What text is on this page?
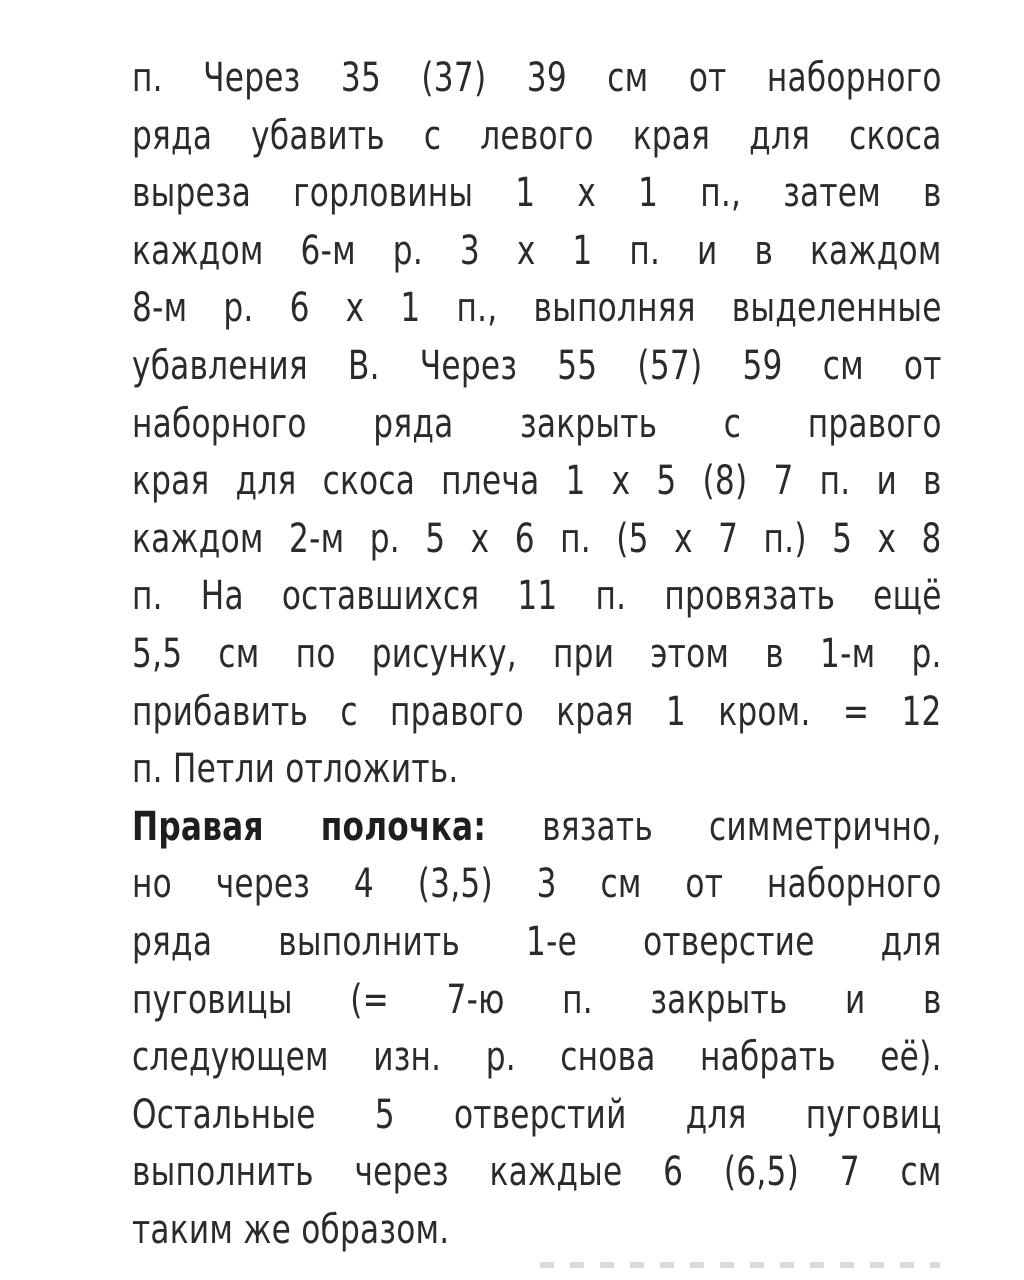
п. Через 35 (37) 39 см от наборного
ряда убавить с левого края для скоса
выреза горловины 1 х 1 п., затем в
каждом 6-м р. 3 х 1 п. и в каждом
8-м р. 6 х 1 п., выполняя выделенные
убавления В. Через 55 (57) 59 см от
наборного ряда закрыть с правого
края для скоса плеча 1 х 5 (8) 7 п. и в
каждом 2-м р. 5 х 6 п. (5 х 7 п.) 5 х 8
п. На оставшихся 11 п. провязать ещё
5,5 см по рисунку, при этом в 1-м р.
прибавить с правого края 1 кром. = 12
п. Петли отложить.
Правая полочка: вязать симметрично,
но через 4 (3,5) 3 см от наборного
ряда выполнить 1-е отверстие для
пуговицы (= 7-ю п. закрыть и в
следующем изн. р. снова набрать её).
Остальные 5 отверстий для пуговиц
выполнить через каждые 6 (6,5) 7 см
таким же образом.
